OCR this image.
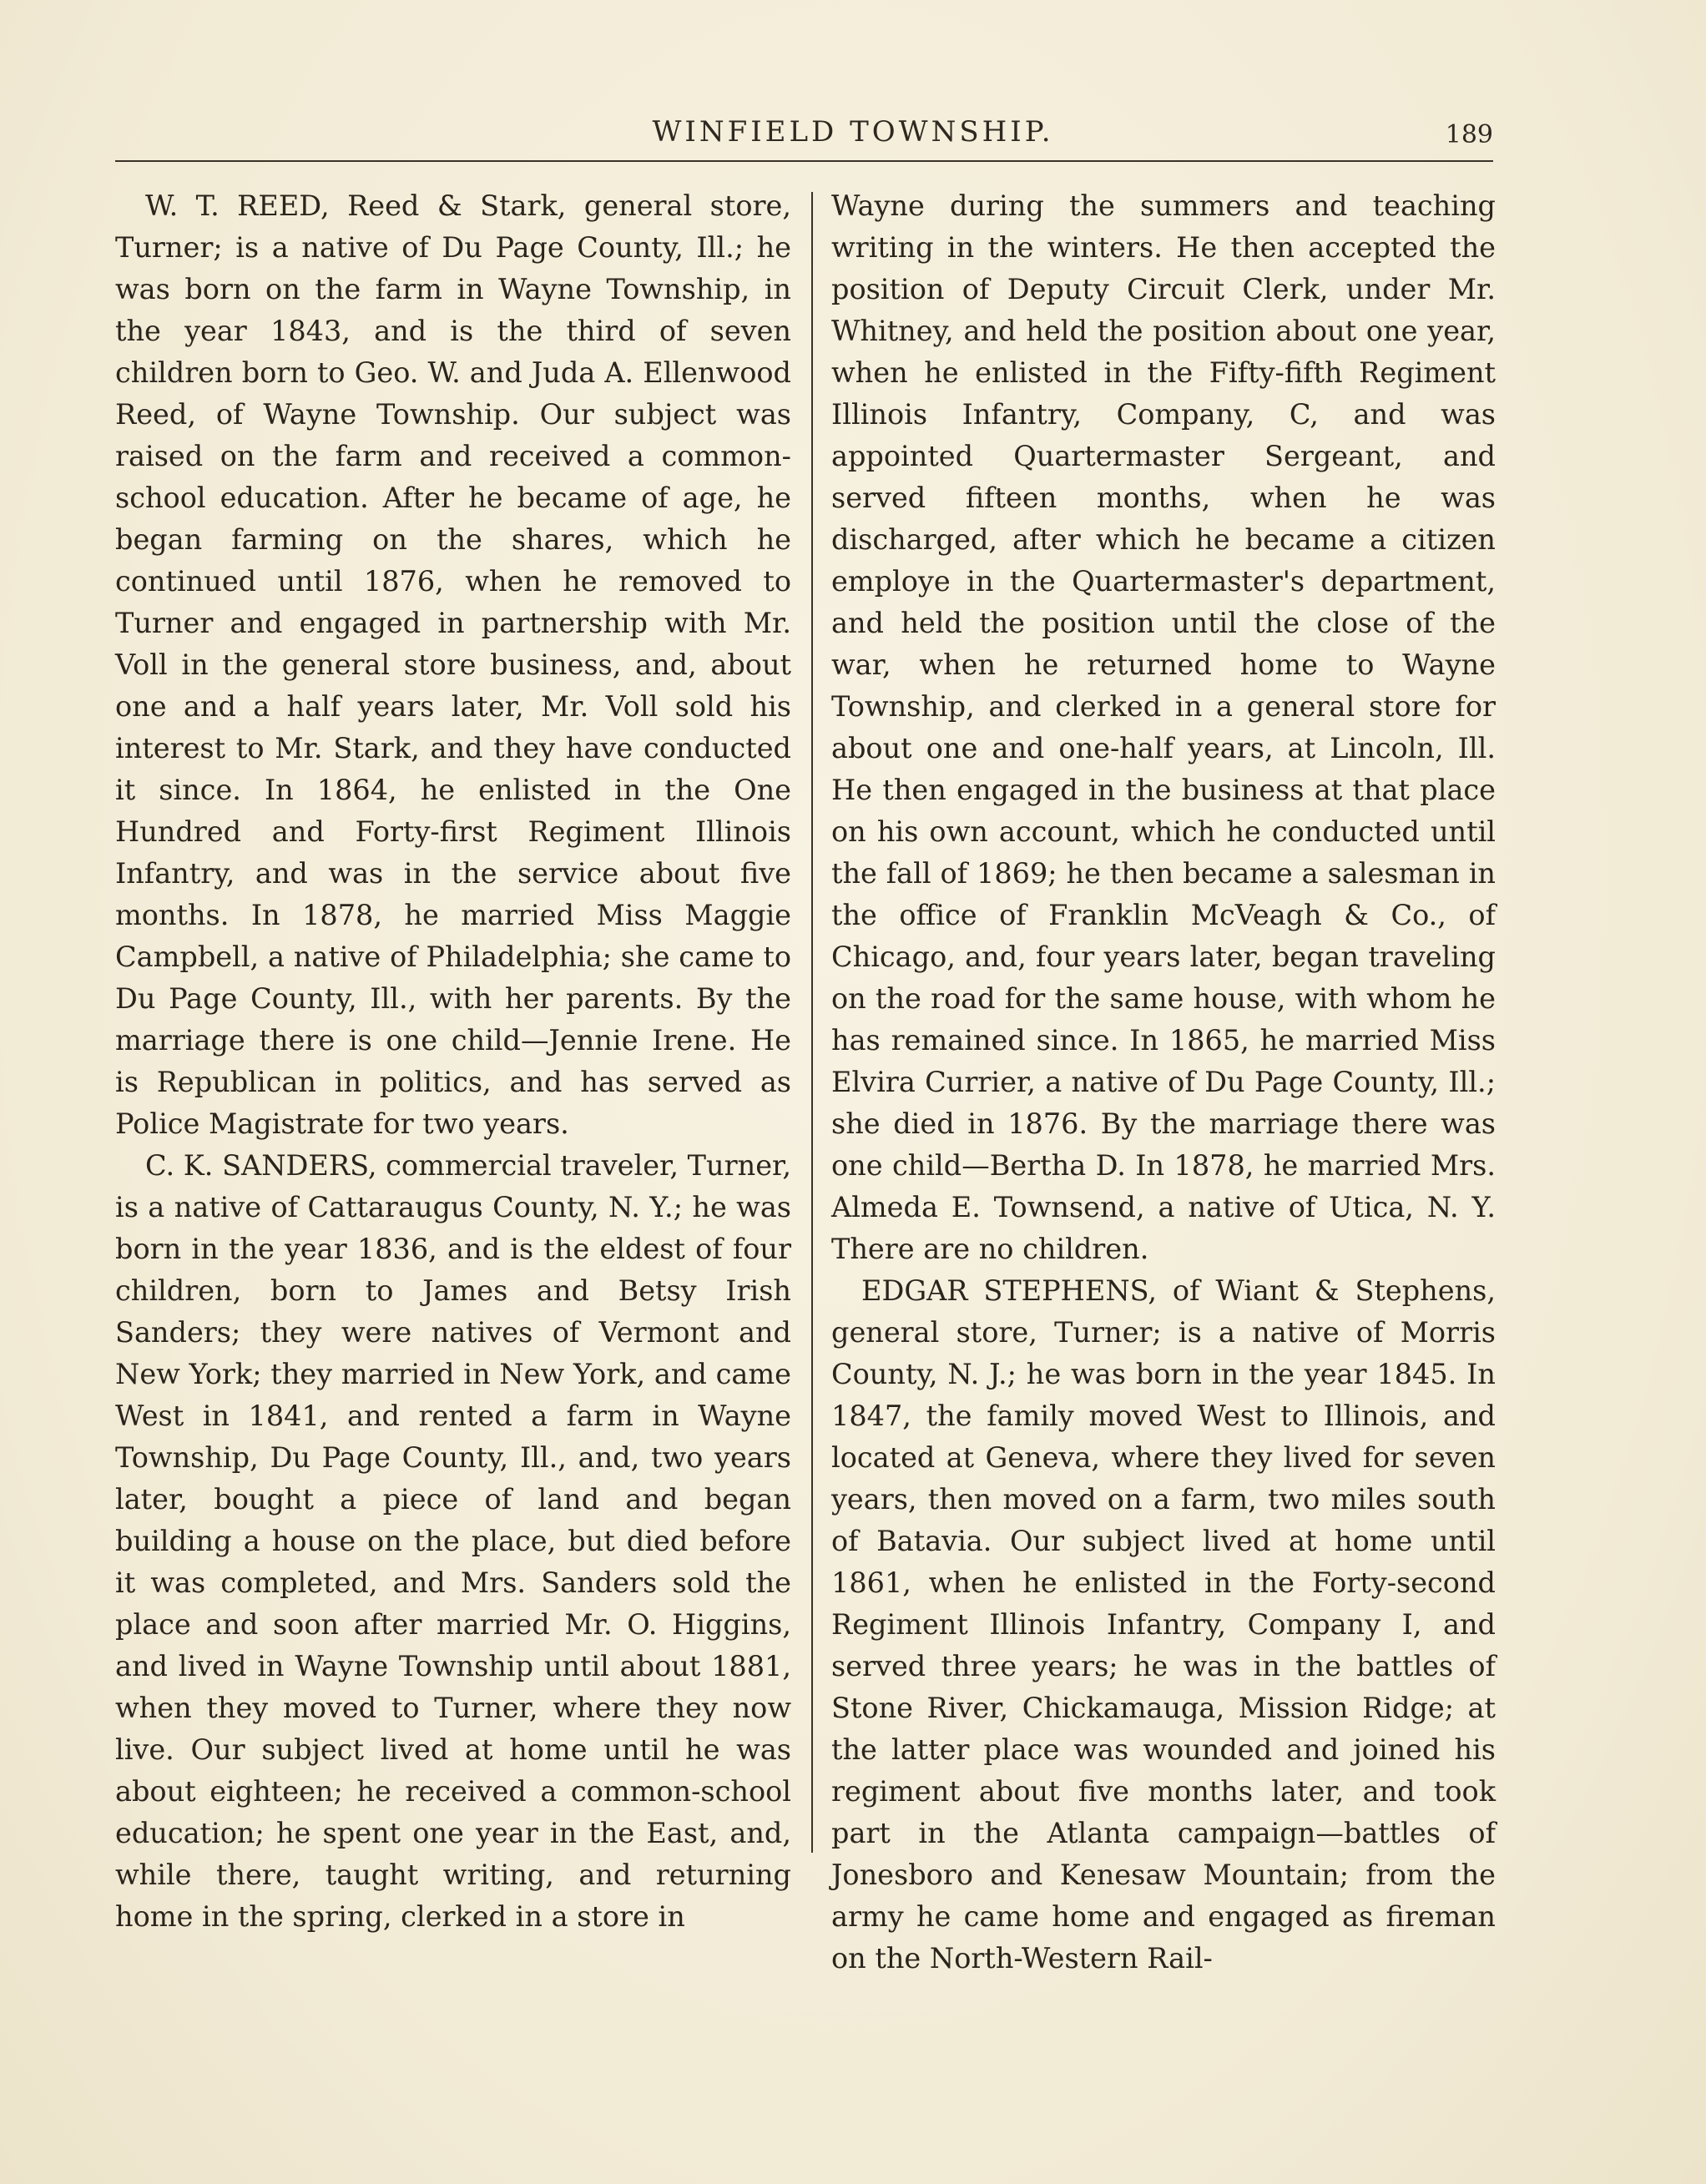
WINFIELD TOWNSHIP.	189

W. T. REED, Reed & Stark, general store, Turner; is a native of Du Page County, Ill.; he was born on the farm in Wayne Township, in the year 1843, and is the third of seven children born to Geo. W. and Juda A. Ellenwood Reed, of Wayne Township. Our subject was raised on the farm and received a common-school education. After he became of age, he began farming on the shares, which he continued until 1876, when he removed to Turner and engaged in partnership with Mr. Voll in the general store business, and, about one and a half years later, Mr. Voll sold his interest to Mr. Stark, and they have conducted it since. In 1864, he enlisted in the One Hundred and Forty-first Regiment Illinois Infantry, and was in the service about five months. In 1878, he married Miss Maggie Campbell, a native of Philadelphia; she came to Du Page County, Ill., with her parents. By the marriage there is one child—Jennie Irene. He is Republican in politics, and has served as Police Magistrate for two years.

C. K. SANDERS, commercial traveler, Turner, is a native of Cattaraugus County, N. Y.; he was born in the year 1836, and is the eldest of four children, born to James and Betsy Irish Sanders; they were natives of Vermont and New York; they married in New York, and came West in 1841, and rented a farm in Wayne Township, Du Page County, Ill., and, two years later, bought a piece of land and began building a house on the place, but died before it was completed, and Mrs. Sanders sold the place and soon after married Mr. O. Higgins, and lived in Wayne Township until about 1881, when they moved to Turner, where they now live. Our subject lived at home until he was about eighteen; he received a common-school education; he spent one year in the East, and, while there, taught writing, and returning home in the spring, clerked in a store in

Wayne during the summers and teaching writing in the winters. He then accepted the position of Deputy Circuit Clerk, under Mr. Whitney, and held the position about one year, when he enlisted in the Fifty-fifth Regiment Illinois Infantry, Company, C, and was appointed Quartermaster Sergeant, and served fifteen months, when he was discharged, after which he became a citizen employe in the Quartermaster's department, and held the position until the close of the war, when he returned home to Wayne Township, and clerked in a general store for about one and one-half years, at Lincoln, Ill. He then engaged in the business at that place on his own account, which he conducted until the fall of 1869; he then became a salesman in the office of Franklin McVeagh & Co., of Chicago, and, four years later, began traveling on the road for the same house, with whom he has remained since. In 1865, he married Miss Elvira Currier, a native of Du Page County, Ill.; she died in 1876. By the marriage there was one child—Bertha D. In 1878, he married Mrs. Almeda E. Townsend, a native of Utica, N. Y. There are no children.

EDGAR STEPHENS, of Wiant & Stephens, general store, Turner; is a native of Morris County, N. J.; he was born in the year 1845. In 1847, the family moved West to Illinois, and located at Geneva, where they lived for seven years, then moved on a farm, two miles south of Batavia. Our subject lived at home until 1861, when he enlisted in the Forty-second Regiment Illinois Infantry, Company I, and served three years; he was in the battles of Stone River, Chickamauga, Mission Ridge; at the latter place was wounded and joined his regiment about five months later, and took part in the Atlanta campaign—battles of Jonesboro and Kenesaw Mountain; from the army he came home and engaged as fireman on the North-Western Rail-
